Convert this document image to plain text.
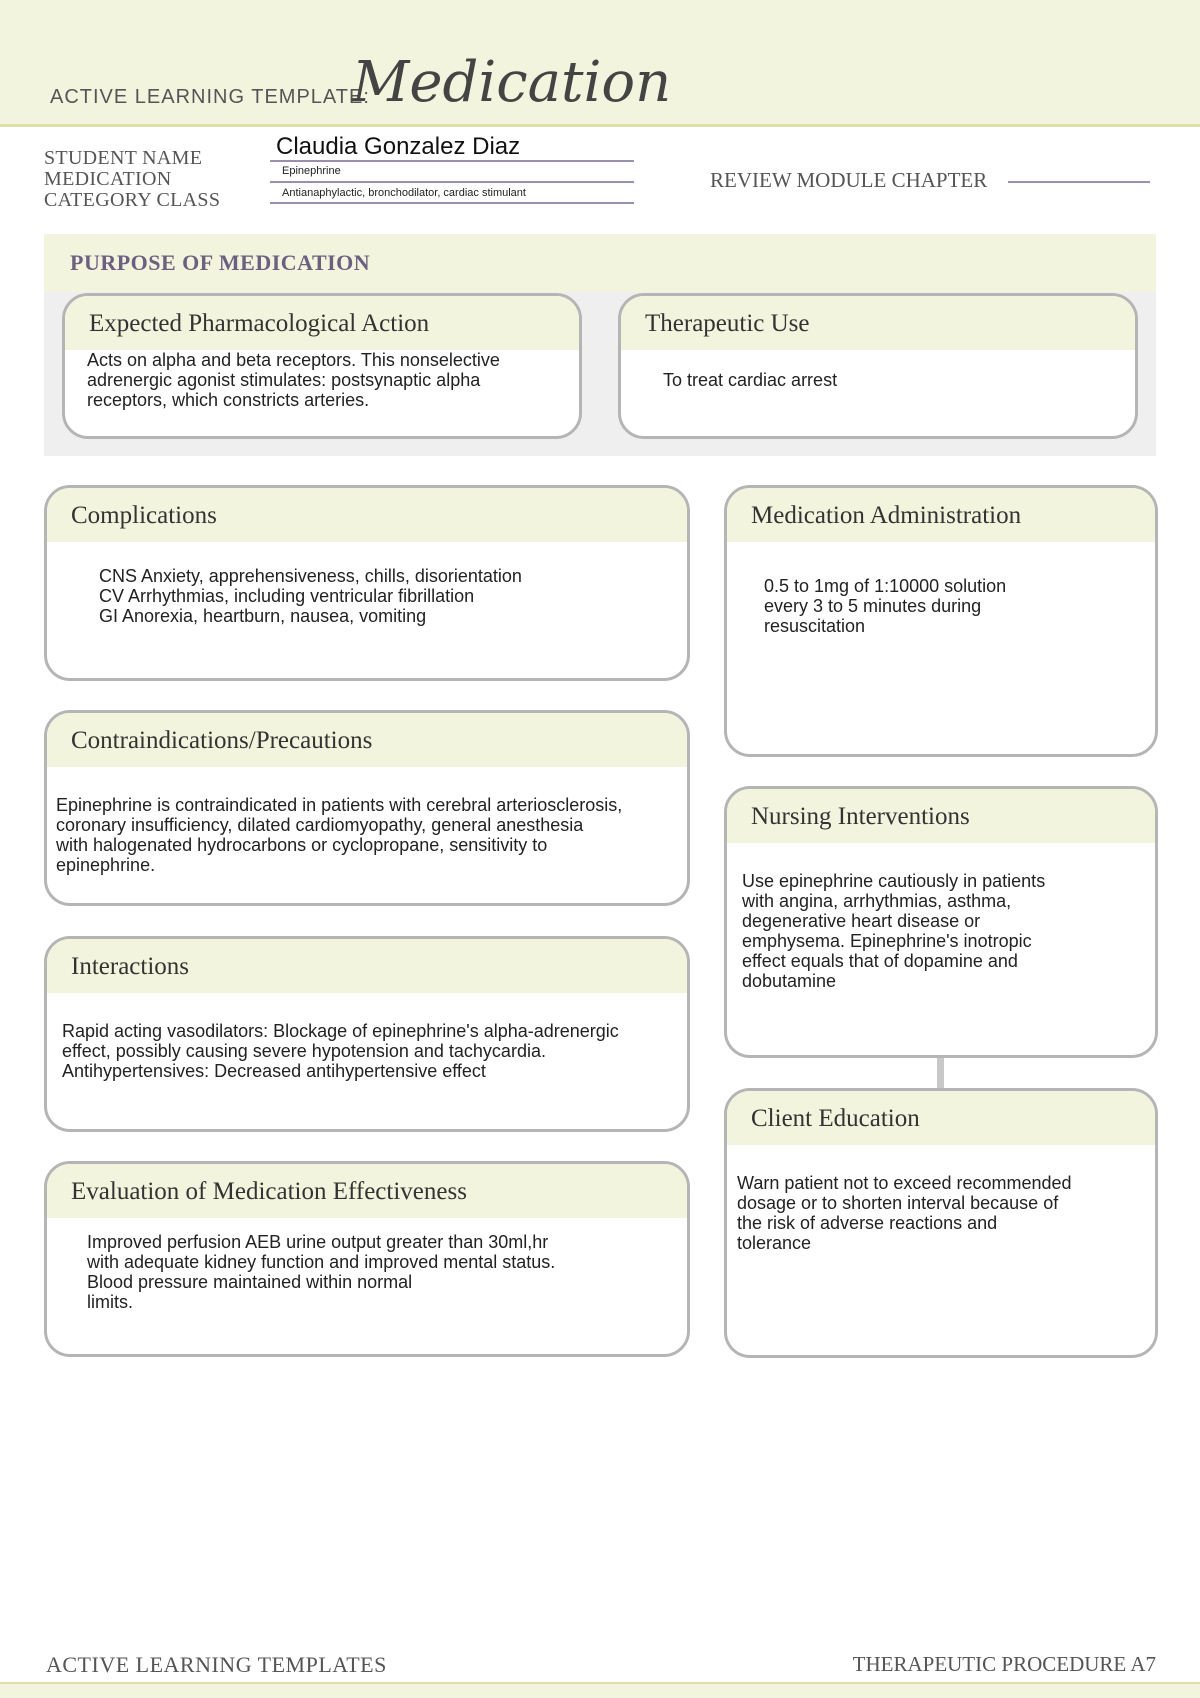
ACTIVE LEARNING TEMPLATE:
Medication
STUDENT NAME
MEDICATION
CATEGORY CLASS
Claudia Gonzalez Diaz
Epinephrine
Antianaphylactic, bronchodilator, cardiac stimulant
REVIEW MODULE CHAPTER
PURPOSE OF MEDICATION
Expected Pharmacological Action
Acts on alpha and beta receptors. This nonselective
adrenergic agonist stimulates: postsynaptic alpha
receptors, which constricts arteries.
Therapeutic Use
To treat cardiac arrest
Complications
CNS Anxiety, apprehensiveness, chills, disorientation
CV Arrhythmias, including ventricular fibrillation
GI Anorexia, heartburn, nausea, vomiting
Contraindications/Precautions
Epinephrine is contraindicated in patients with cerebral arteriosclerosis,
coronary insufficiency, dilated cardiomyopathy, general anesthesia
with halogenated hydrocarbons or cyclopropane, sensitivity to
epinephrine.
Interactions
Rapid acting vasodilators: Blockage of epinephrine's alpha-adrenergic
effect, possibly causing severe hypotension and tachycardia.
Antihypertensives: Decreased antihypertensive effect
Evaluation of Medication Effectiveness
Improved perfusion AEB urine output greater than 30ml,hr
with adequate kidney function and improved mental status.
Blood pressure maintained within normal
limits.
Medication Administration
0.5 to 1mg of 1:10000 solution
every 3 to 5 minutes during
resuscitation
Nursing Interventions
Use epinephrine cautiously in patients
with angina, arrhythmias, asthma,
degenerative heart disease or
emphysema. Epinephrine's inotropic
effect equals that of dopamine and
dobutamine
Client Education
Warn patient not to exceed recommended
dosage or to shorten interval because of
the risk of adverse reactions and
tolerance
ACTIVE LEARNING TEMPLATES	THERAPEUTIC PROCEDURE A7
